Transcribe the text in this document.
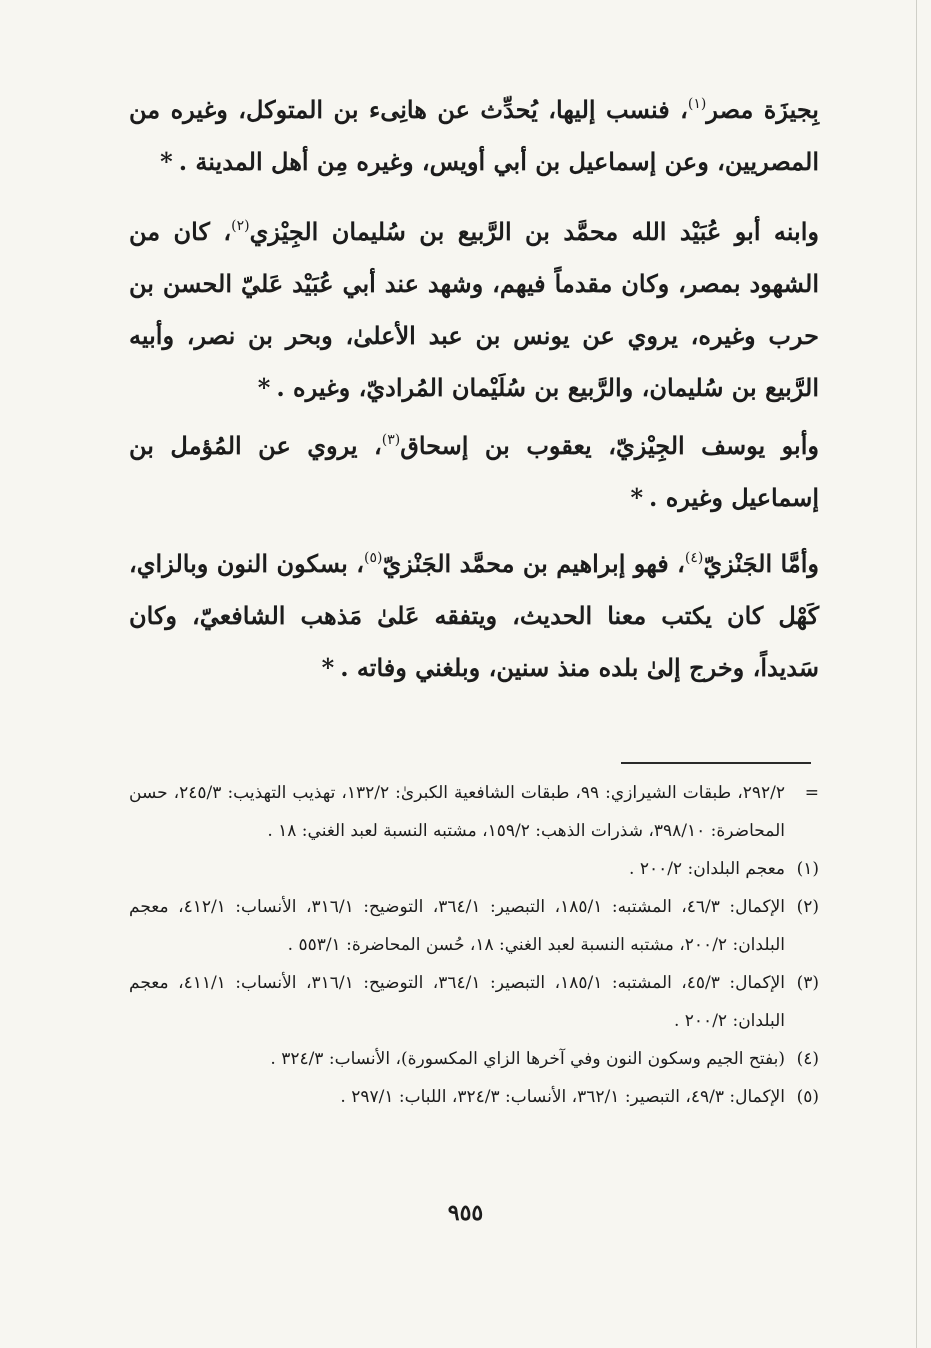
بِجيزَة مصر$^{(١)}$، فنسب إليها، يُحدِّث عن هانِىء بن المتوكل، وغيره من المصريين، وعن إسماعيل بن أبي أويس، وغيره مِن أهل المدينة .*

وابنه أبو عُبَيْد الله محمَّد بن الرَّبيع بن سُليمان الجِيْزي$^{(٢)}$، كان من الشهود بمصر، وكان مقدماً فيهم، وشهد عند أبي عُبَيْد عَليّ الحسن بن حرب وغيره، يروي عن يونس بن عبد الأعلىٰ، وبحر بن نصر، وأبيه الرَّبيع بن سُليمان، والرَّبيع بن سُلَيْمان المُراديّ، وغيره .*

وأبو يوسف الجِيْزيّ، يعقوب بن إسحاق$^{(٣)}$، يروي عن المُؤمل بن إسماعيل وغيره .*

وأمَّا الجَنْزيّ$^{(٤)}$، فهو إبراهيم بن محمَّد الجَنْزيّ$^{(٥)}$، بسكون النون وبالزاي، كَهْل كان يكتب معنا الحديث، ويتفقه عَلىٰ مَذهب الشافعيّ، وكان سَديداً، وخرج إلىٰ بلده منذ سنين، وبلغني وفاته .*

=
٢٩٢/٢، طبقات الشيرازي: ٩٩، طبقات الشافعية الكبرىٰ: ١٣٢/٢، تهذيب التهذيب: ٢٤٥/٣، حسن المحاضرة: ٣٩٨/١٠، شذرات الذهب: ١٥٩/٢، مشتبه النسبة لعبد الغني: ١٨ .
(١)
معجم البلدان: ٢٠٠/٢ .
(٢)
الإكمال: ٤٦/٣، المشتبه: ١٨٥/١، التبصير: ٣٦٤/١، التوضيح: ٣١٦/١، الأنساب: ٤١٢/١، معجم البلدان: ٢٠٠/٢، مشتبه النسبة لعبد الغني: ١٨، حُسن المحاضرة: ٥٥٣/١ .
(٣)
الإكمال: ٤٥/٣، المشتبه: ١٨٥/١، التبصير: ٣٦٤/١، التوضيح: ٣١٦/١، الأنساب: ٤١١/١، معجم البلدان: ٢٠٠/٢ .
(٤)
(بفتح الجيم وسكون النون وفي آخرها الزاي المكسورة)، الأنساب: ٣٢٤/٣ .
(٥)
الإكمال: ٤٩/٣، التبصير: ٣٦٢/١، الأنساب: ٣٢٤/٣، اللباب: ٢٩٧/١ .
٩٥٥
